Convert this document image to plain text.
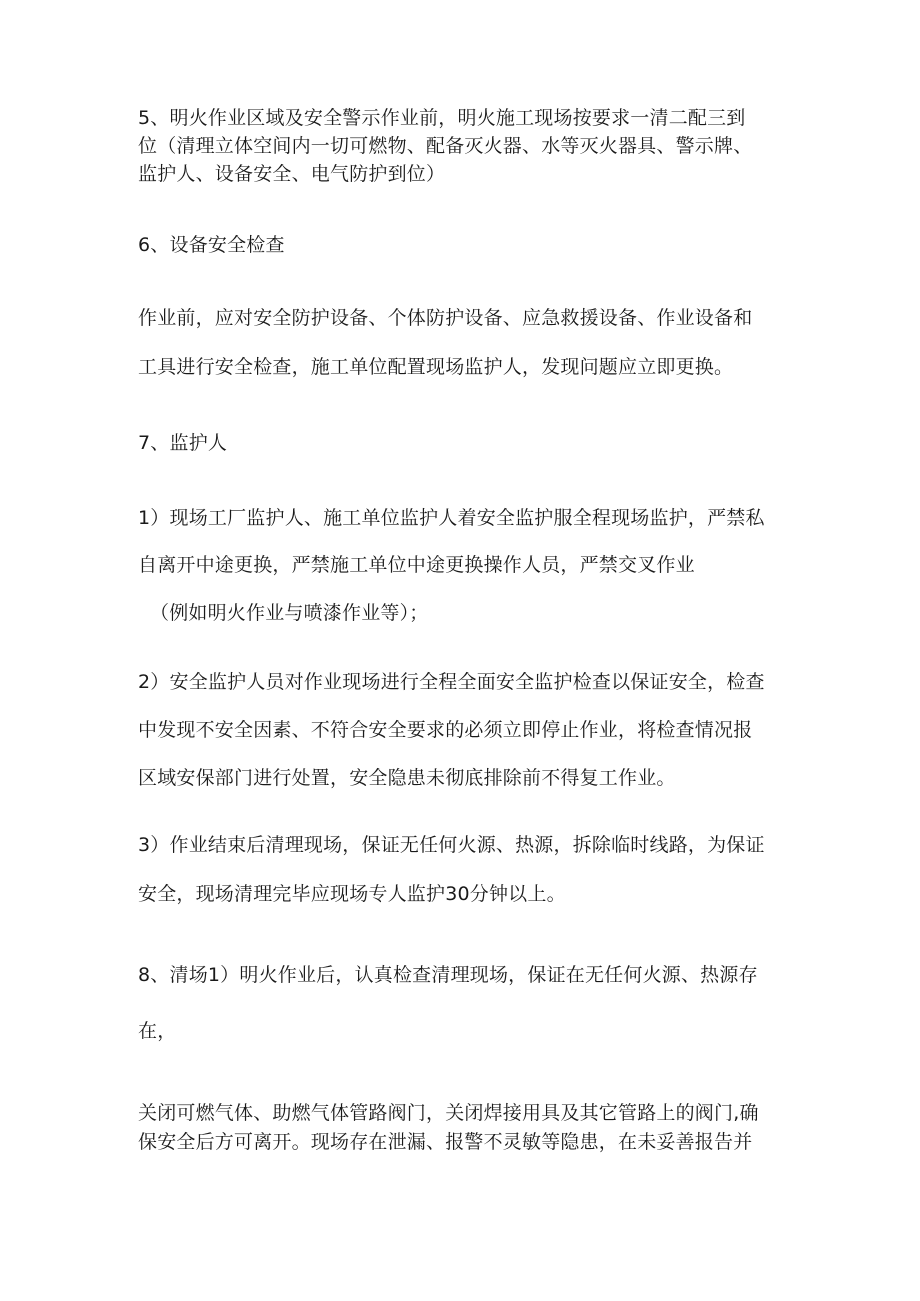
5、明火作业区域及安全警示作业前，明火施工现场按要求一清二配三到

位（清理立体空间内一切可燃物、配备灭火器、水等灭火器具、警示牌、

监护人、设备安全、电气防护到位）

6、设备安全检查

作业前，应对安全防护设备、个体防护设备、应急救援设备、作业设备和

工具进行安全检查，施工单位配置现场监护人，发现问题应立即更换。

7、监护人

1）现场工厂监护人、施工单位监护人着安全监护服全程现场监护，严禁私

自离开中途更换，严禁施工单位中途更换操作人员，严禁交叉作业

（例如明火作业与喷漆作业等）；

2）安全监护人员对作业现场进行全程全面安全监护检查以保证安全，检查

中发现不安全因素、不符合安全要求的必须立即停止作业，将检查情况报

区域安保部门进行处置，安全隐患未彻底排除前不得复工作业。

3）作业结束后清理现场，保证无任何火源、热源，拆除临时线路，为保证

安全，现场清理完毕应现场专人监护30分钟以上。

8、清场1）明火作业后，认真检查清理现场，保证在无任何火源、热源存

在，

关闭可燃气体、助燃气体管路阀门，关闭焊接用具及其它管路上的阀门,确

保安全后方可离开。现场存在泄漏、报警不灵敏等隐患，在未妥善报告并
